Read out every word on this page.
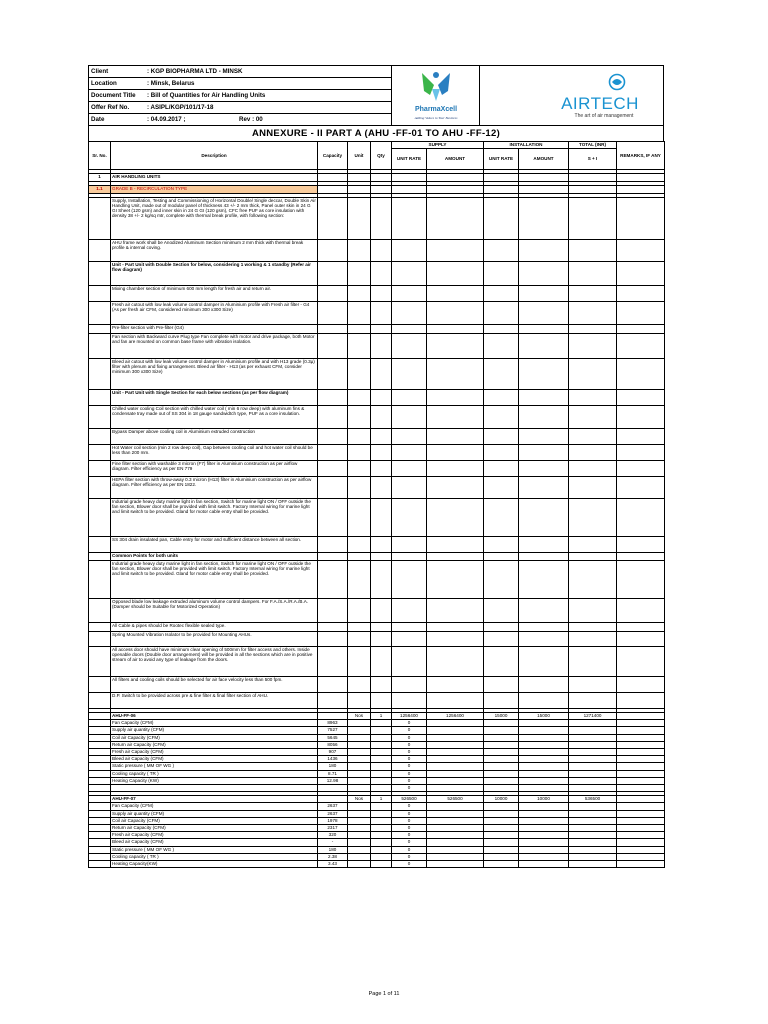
Client	: KGP BIOPHARMA LTD - MINSK
Location	: Minsk, Belarus
Document Title : Bill of Quantities for Air Handling Units
Offer Ref No.	: ASIPL/KGP/101/17-18
Date	: 04.09.2017 ;	Rev : 00
PharmaXcell
Adding Values to Your Business
AIRTECH
The art of air management
ANNEXURE - II PART A (AHU -FF-01 TO AHU -FF-12)
Sr. No.	Description	Capacity	Unit	Qty	SUPPLY		INSTALLATION		TOTAL (INR)	REMARKS, IF ANY
					UNIT RATE	AMOUNT	UNIT RATE	AMOUNT	S + I	

1	AIR HANDLING UNITS									

1.1	GRADE B - RECIRCULATION TYPE									

	Supply, Installation, Testing and Commissioning of Horizontal Double/ Single deccar, Double Skin Air Handling Unit, made out of modular panel of thickness 43 +/- 2 mm thick, Panel outer skin in 24 G GI Sheet (120 gsm) and inner skin in 24 G GI (120 gsm), CFC free PUF as core insulation with density 38 +/- 2 kg/sq mtr, complete with thermal break profile, with following section:									
	AHU frame work shall be Anodized Aluminum Section minimum 2 mm thick with thermal break profile & internal coving.									
	Unit - Part Unit with Double Section for below, considering 1 working & 1 standby (Refer air flow diagram)									
	Mixing chamber section of minimum 600 mm length for fresh air and return air.									
	Fresh air cutout with low leak volume control damper in Aluminium profile with Fresh air filter - G4 (As per fresh air CFM, considered minimum 300 x300 Size)									
	Pre-filter section with Pre-filter (G4)									
	Fan section with Backward curve Plug type Fan complete with motor and drive package, both Motor and fan are mounted on common base frame with vibration isolation.									
	Bleed air cutout with low leak volume control damper in Aluminium profile and with H13 grade (0.3µ) filter with plenum and fixing arrangement. Bleed air filter - H13 (as per exhaust CFM, consider minimum 300 x300 Size)									
	Unit - Part Unit with Single Section for each below sections (as per flow diagram)									
	Chilled water cooling Coil section with chilled water coil ( min 6 row deep) with aluminum fins & condensate tray made out of SS 304 in 18 gauge sandwidtch type, PUF as a core insulation.									
	Bypass Damper above cooling coil in Aluminium extruded construction									
	Hot Water coil section (min 2 row deep coil), Gap between cooling coil and hot water coil should be less than 200 mm.									
	Fine filter section with washable 3 micron (F7) filter in Aluminium construction as per airflow diagram. Filter efficiency as per EN 779									
	HEPA filter section with throw-away 0.3 micron (H13) filter in Aluminium construction as per airflow diagram. Filter efficiency as per EN 1822.									
	Indutrial grade heavy duty marine light in fan section, Switch for marine light ON / OFF outside the fan section, Blower door shall be provided with limit switch. Factory Internal wiring for marine light and limit switch to be provided. Gland for motor cable entry shall be provided.									
	SS 304 drain insulated pan, Cable entry for motor and sufficient distance between all section.									
	Common Points for both units									
	Indutrial grade heavy duty marine light in fan section, Switch for marine light ON / OFF outside the fan section, Blower door shall be provided with limit switch. Factory Internal wiring for marine light and limit switch to be provided. Gland for motor cable entry shall be provided.									
	Opposed blade low leakage extruded aluminum volume control dampers. For F.A./S.A./R.A./B.A. (Damper should be Suitable for Motorized Operation)									
	All Cable & pipes should be Rootec flexible sealed type.									
	Spring Mounted Vibration Isolator to be provided for Mounting AHUs.									
	All access door should have minimum clear opening of 500mm for filter access and others. Inside openable doors (Double door arrangement) will be provided in all the sections which are in positive stream of air to avoid any type of leakage from the doors.									
	All filters and cooling coils should be selected for air face velocity less than 500 fpm.									
	D.P. Switch to be provided across pre & fine filter & final filter section of AHU.									

	AHU-FF-06		Nos	1	1256400	1256400	15000	15000	1271400	
	Fan Capacity (CFM)	8963			0					
	Supply air quantity (CFM)	7527			0					
	Coil air Capacity (CFM)	5645			0					
	Return air Capacity (CFM)	8056			0					
	Fresh air Capacity (CFM)	907			0					
	Bleed air Capacity (CFM)	1436			0					
	Static pressure ( MM OF WG )	180			0					
	Cooling capacity ( TR )	8.71			0					
	Heating Capacity (KW)	12.98			0					
					0					

	AHU-FF-07		Nos	1	526500	526500	10000	10000	536500	
	Fan Capacity (CFM)	2637			0					
	Supply air quantity (CFM)	2637			0					
	Coil air Capacity (CFM)	1978			0					
	Return air Capacity (CFM)	2317			0					
	Fresh air Capacity (CFM)	320			0					
	Bleed air Capacity (CFM)	-			0					
	Static pressure ( MM OF WG )	180			0					
	Cooling capacity ( TR )	2.38			0					
	Heating Capacity(KW)	3.43			0					
Page 1 of 11
